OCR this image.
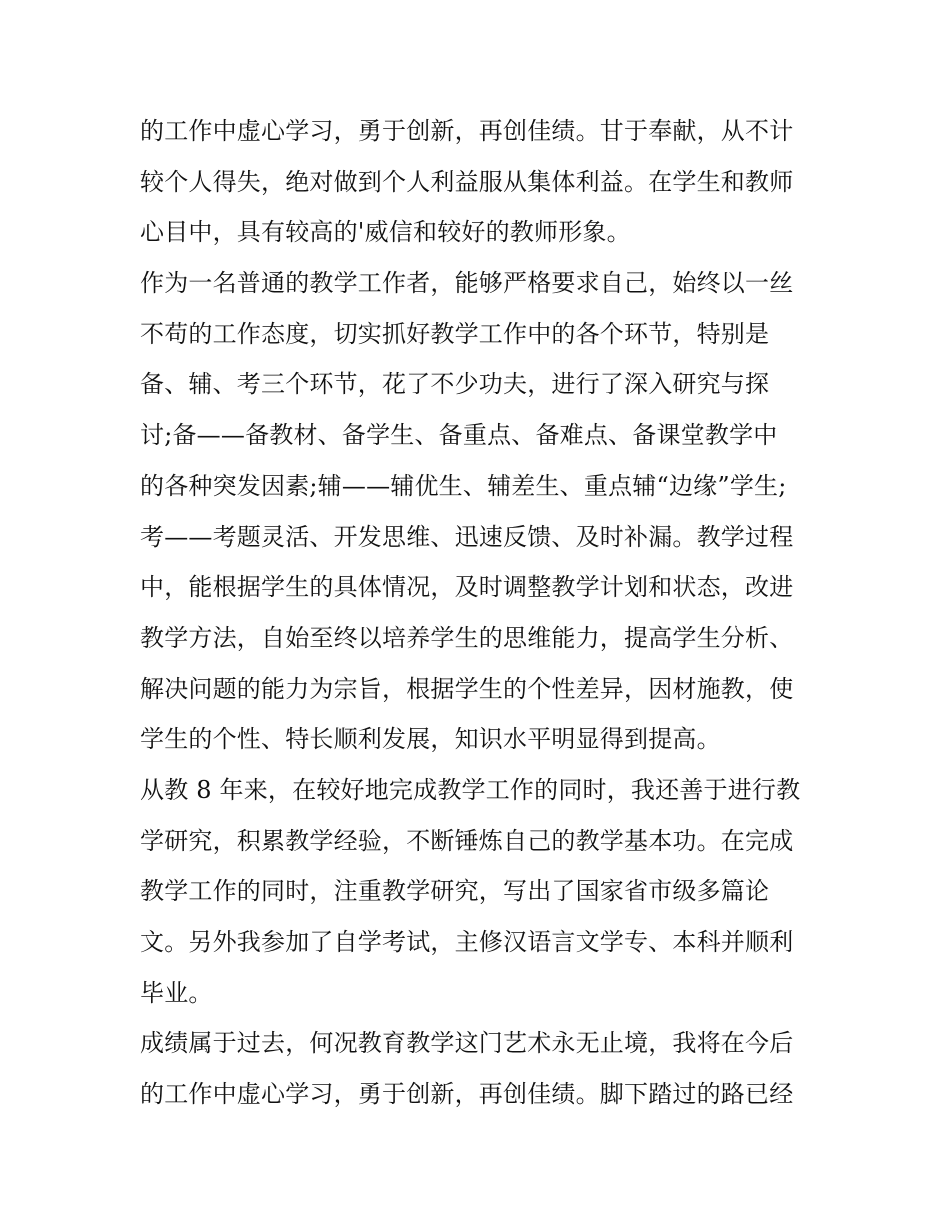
的工作中虚心学习，勇于创新，再创佳绩。甘于奉献，从不计
较个人得失，绝对做到个人利益服从集体利益。在学生和教师
心目中，具有较高的'威信和较好的教师形象。
作为一名普通的教学工作者，能够严格要求自己，始终以一丝
不苟的工作态度，切实抓好教学工作中的各个环节，特别是
备、辅、考三个环节，花了不少功夫，进行了深入研究与探
讨;备——备教材、备学生、备重点、备难点、备课堂教学中
的各种突发因素;辅——辅优生、辅差生、重点辅“边缘”学生;
考——考题灵活、开发思维、迅速反馈、及时补漏。教学过程
中，能根据学生的具体情况，及时调整教学计划和状态，改进
教学方法，自始至终以培养学生的思维能力，提高学生分析、
解决问题的能力为宗旨，根据学生的个性差异，因材施教，使
学生的个性、特长顺利发展，知识水平明显得到提高。
从教 8 年来，在较好地完成教学工作的同时，我还善于进行教
学研究，积累教学经验，不断锤炼自己的教学基本功。在完成
教学工作的同时，注重教学研究，写出了国家省市级多篇论
文。另外我参加了自学考试，主修汉语言文学专、本科并顺利
毕业。
成绩属于过去，何况教育教学这门艺术永无止境，我将在今后
的工作中虚心学习，勇于创新，再创佳绩。脚下踏过的路已经
